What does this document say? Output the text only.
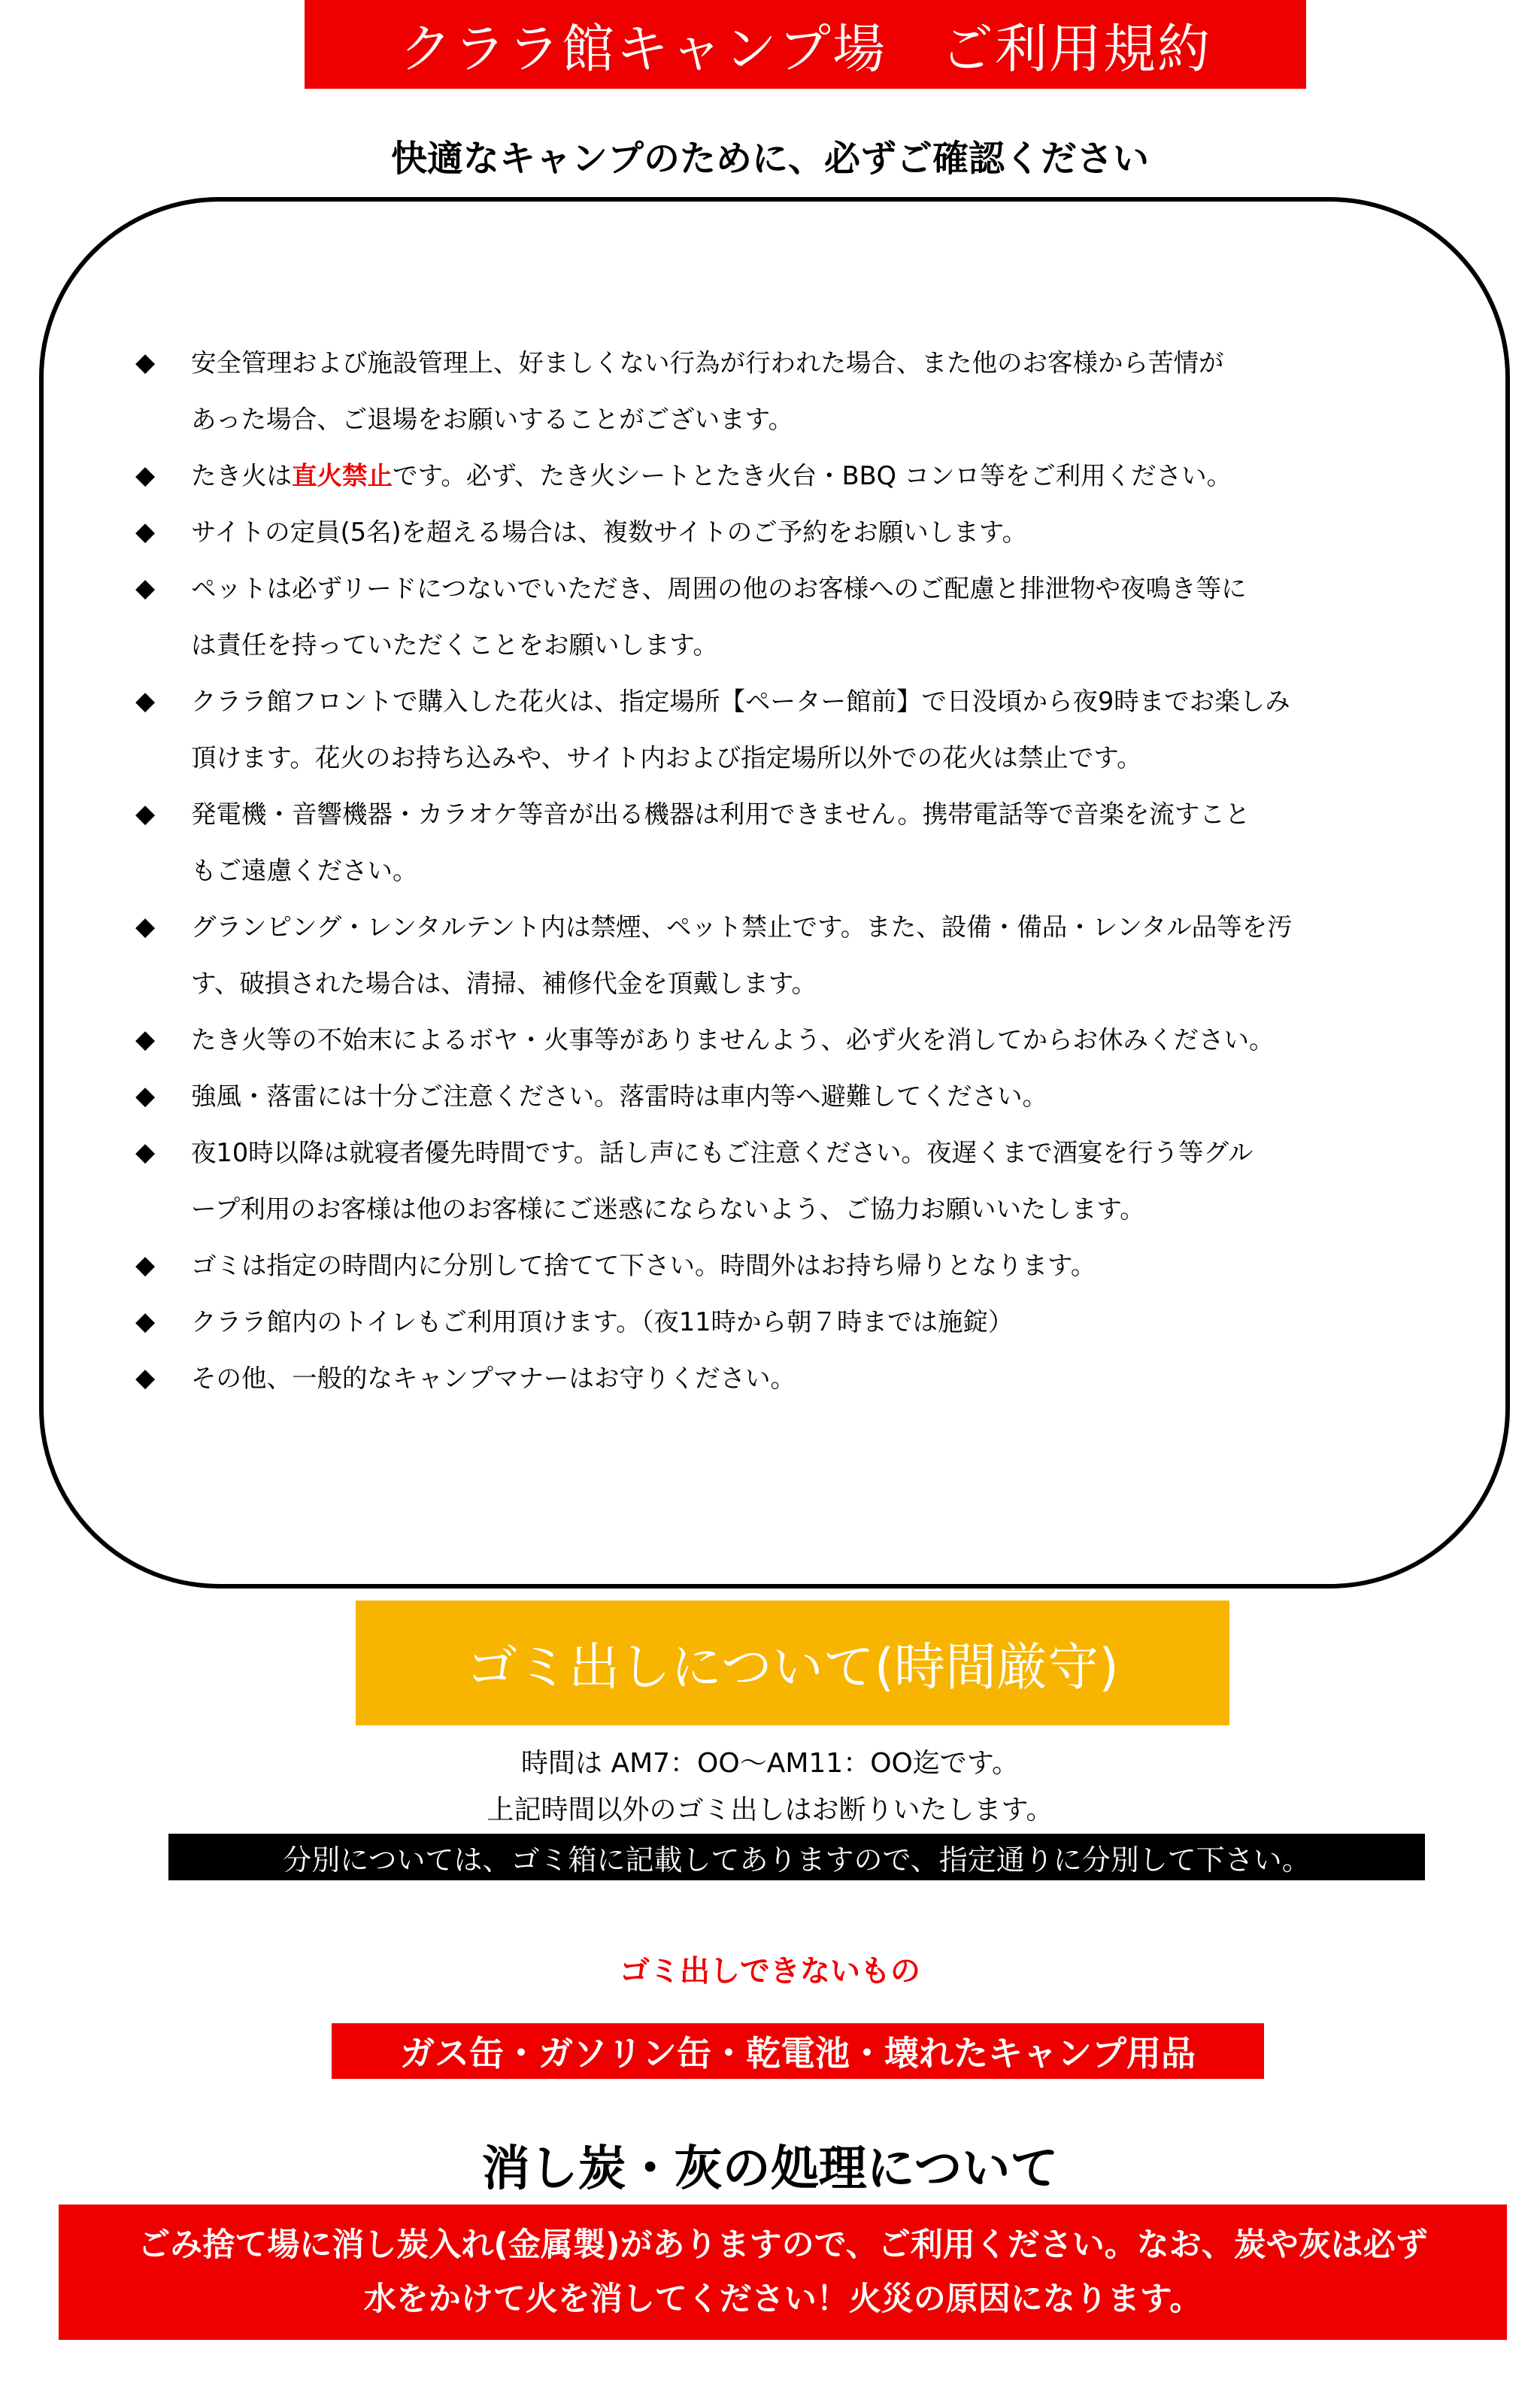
クララ館キャンプ場　ご利用規約
快適なキャンプのために、必ずご確認ください
◆ 安全管理および施設管理上、好ましくない行為が行われた場合、また他のお客様から苦情が
あった場合、ご退場をお願いすることがございます。
◆ たき火は直火禁止です。必ず、たき火シートとたき火台・BBQ コンロ等をご利用ください。
◆ サイトの定員(5名)を超える場合は、複数サイトのご予約をお願いします。
◆ ペットは必ずリードにつないでいただき、周囲の他のお客様へのご配慮と排泄物や夜鳴き等に
は責任を持っていただくことをお願いします。
◆ クララ館フロントで購入した花火は、指定場所【ペーター館前】で日没頃から夜9時までお楽しみ
頂けます。花火のお持ち込みや、サイト内および指定場所以外での花火は禁止です。
◆ 発電機・音響機器・カラオケ等音が出る機器は利用できません。携帯電話等で音楽を流すこと
もご遠慮ください。
◆ グランピング・レンタルテント内は禁煙、ペット禁止です。また、設備・備品・レンタル品等を汚
す、破損された場合は、清掃、補修代金を頂戴します。
◆ たき火等の不始末によるボヤ・火事等がありませんよう、必ず火を消してからお休みください。
◆ 強風・落雷には十分ご注意ください。落雷時は車内等へ避難してください。
◆ 夜10時以降は就寝者優先時間です。話し声にもご注意ください。夜遅くまで酒宴を行う等グル
ープ利用のお客様は他のお客様にご迷惑にならないよう、ご協力お願いいたします。
◆ ゴミは指定の時間内に分別して捨てて下さい。時間外はお持ち帰りとなります。
◆ クララ館内のトイレもご利用頂けます。（夜11時から朝７時までは施錠）
◆ その他、一般的なキャンプマナーはお守りください。
ゴミ出しについて(時間厳守)
時間は AM7：OO～AM11：OO迄です。
上記時間以外のゴミ出しはお断りいたします。
分別については、ゴミ箱に記載してありますので、指定通りに分別して下さい。
ゴミ出しできないもの
ガス缶・ガソリン缶・乾電池・壊れたキャンプ用品
消し炭・灰の処理について
ごみ捨て場に消し炭入れ(金属製)がありますので、ご利用ください。なお、炭や灰は必ず
水をかけて火を消してください！火災の原因になります。
